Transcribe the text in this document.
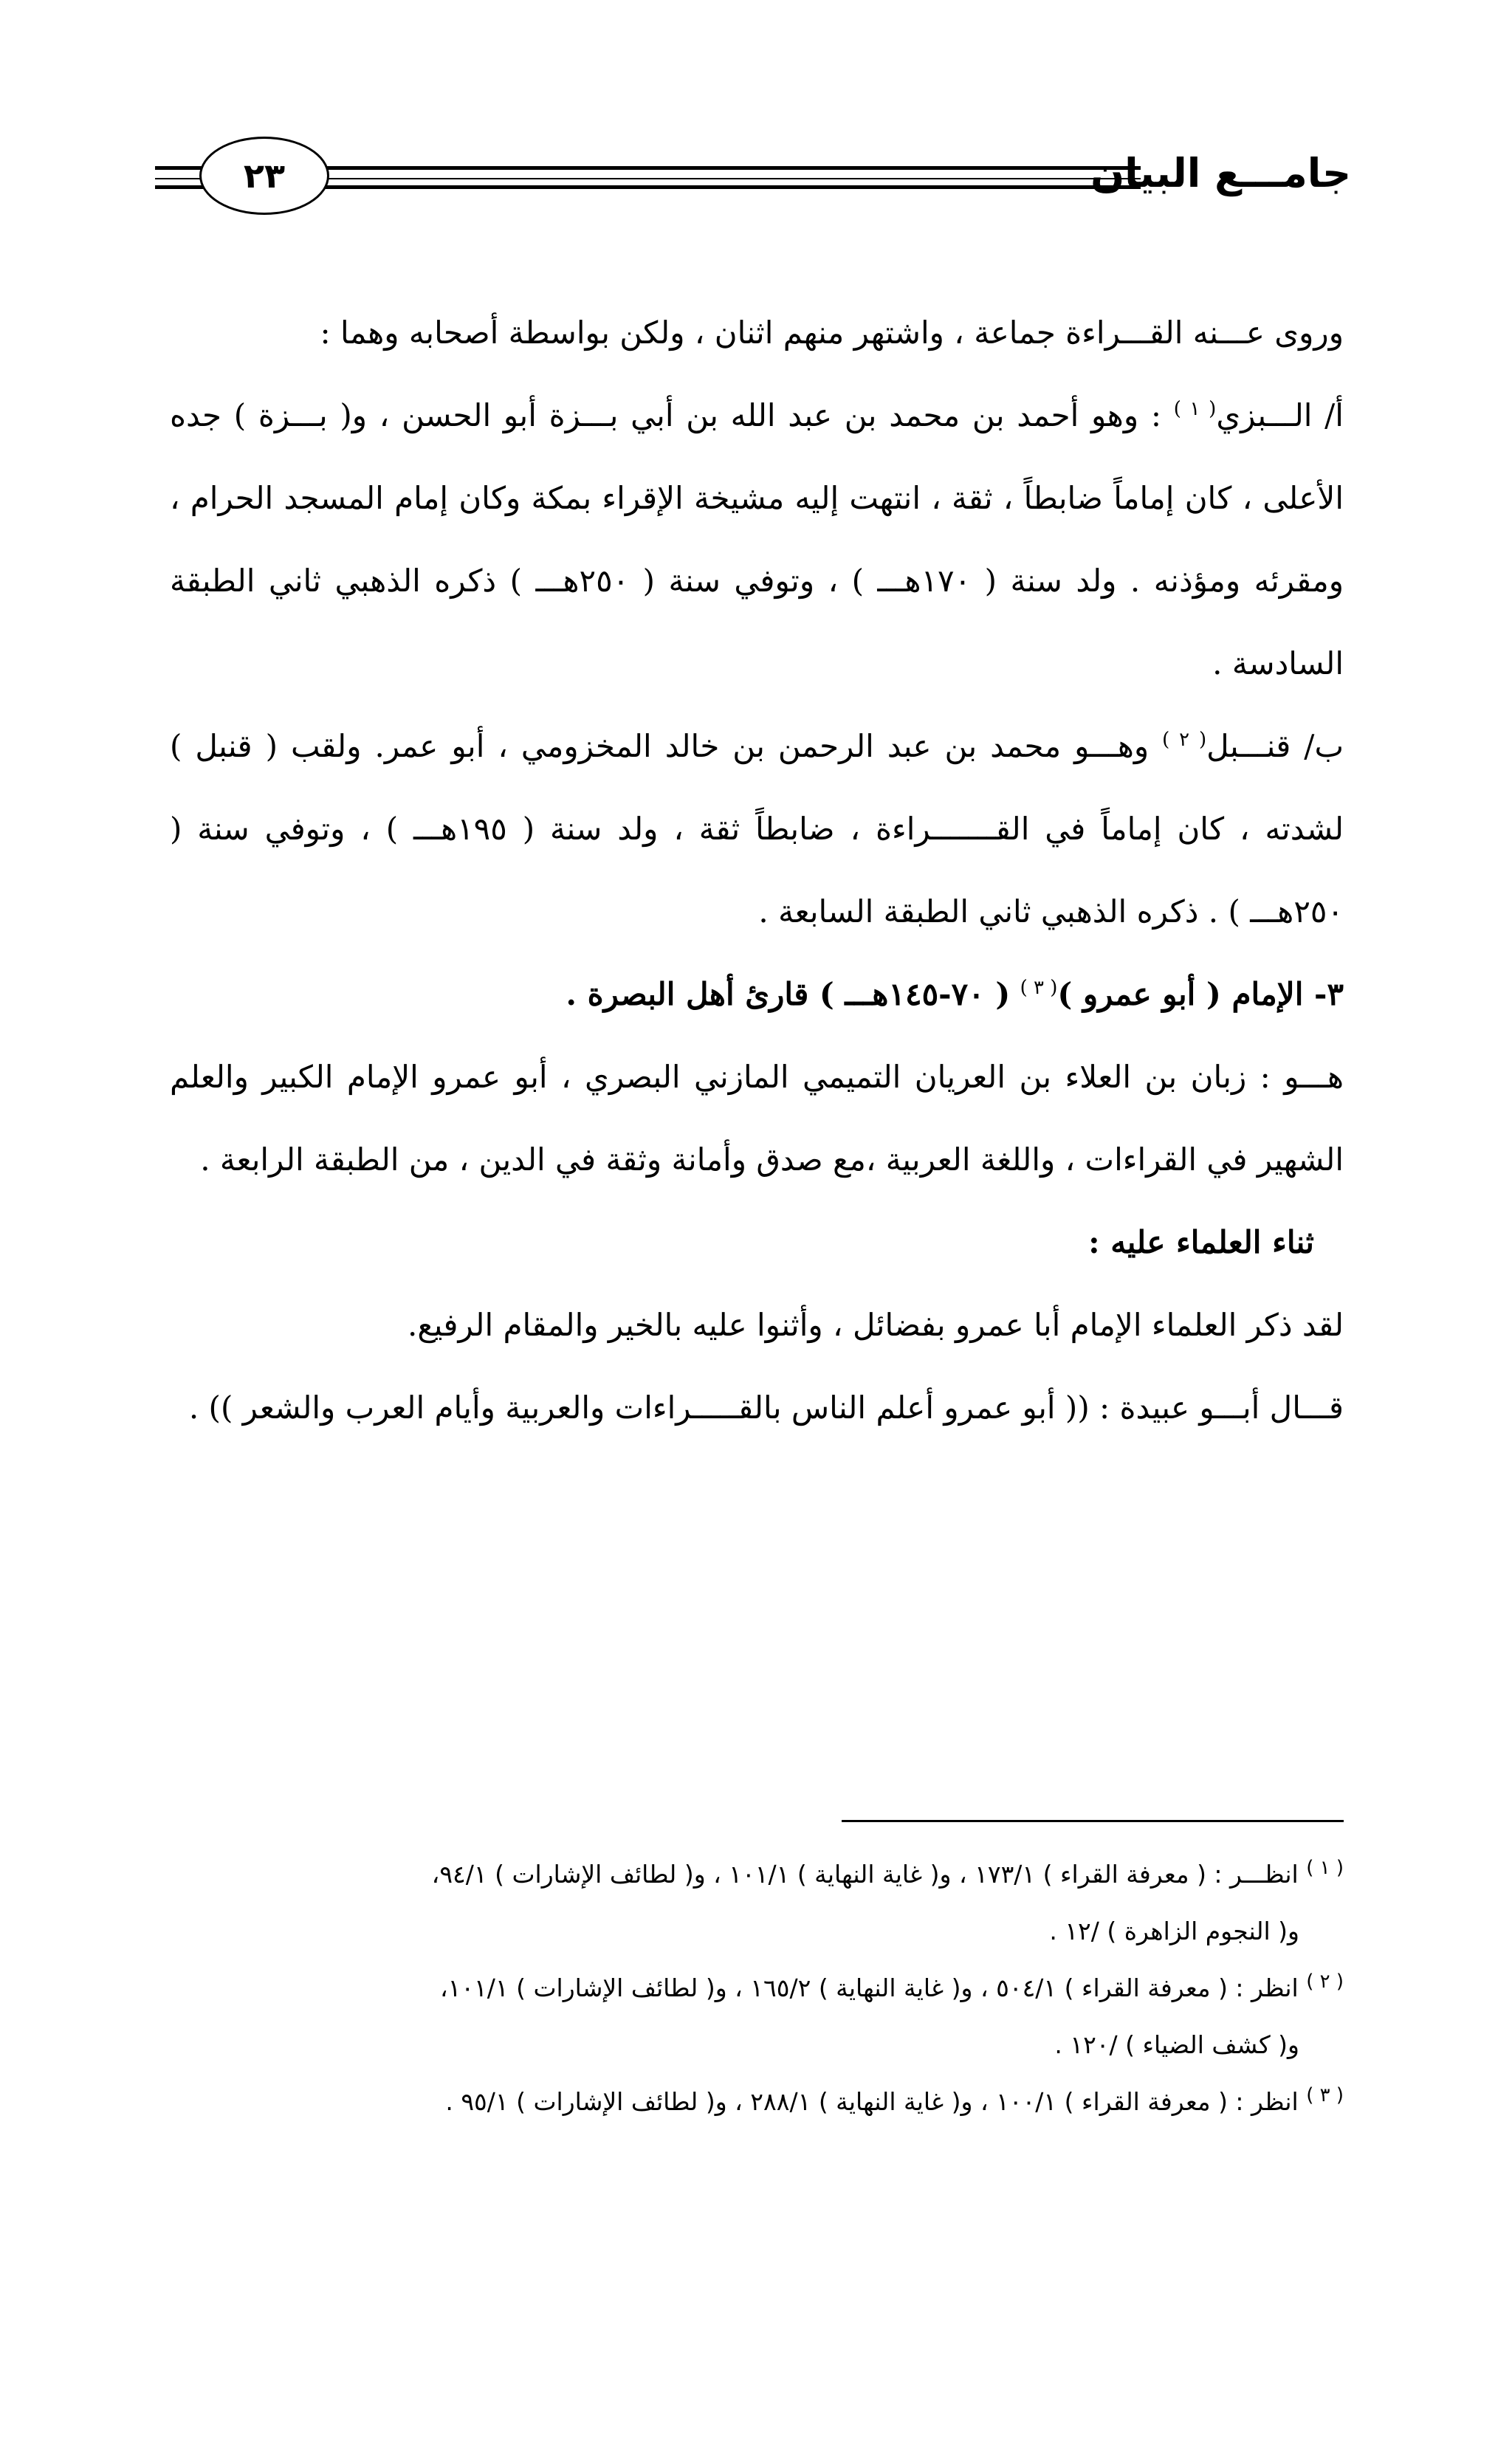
٢٣	جامـــع البيان

وروى عـــنه القـــراءة جماعة ، واشتهر منهم اثنان ، ولكن بواسطة أصحابه وهما :

أ/ الـــبزي$^{( ١ )}$ : وهو أحمد بن محمد بن عبد الله بن أبي بـــزة أبو الحسن ، و( بـــزة ) جده الأعلى ، كان إماماً ضابطاً ، ثقة ، انتهت إليه مشيخة الإقراء بمكة وكان إمام المسجد الحرام ، ومقرئه ومؤذنه . ولد سنة ( ١٧٠هـــ ) ، وتوفي سنة ( ٢٥٠هـــ ) ذكره الذهبي ثاني الطبقة السادسة .

ب/ قنـــبل$^{( ٢ )}$ وهـــو محمد بن عبد الرحمن بن خالد المخزومي ، أبو عمر. ولقب ( قنبل ) لشدته ، كان إماماً في القـــــــراءة ، ضابطاً ثقة ، ولد سنة ( ١٩٥هـــ ) ، وتوفي سنة ( ٢٥٠هـــ ) . ذكره الذهبي ثاني الطبقة السابعة .

٣- الإمام ( أبو عمرو )$^{( ٣ )}$ ( ٧٠-١٤٥هـــ ) قارئ أهل البصرة .

هـــو : زبان بن العلاء بن العريان التميمي المازني البصري ، أبو عمرو الإمام الكبير والعلم الشهير في القراءات ، واللغة العربية ،مع صدق وأمانة وثقة في الدين ، من الطبقة الرابعة .

ثناء العلماء عليه :

لقد ذكر العلماء الإمام أبا عمرو بفضائل ، وأثنوا عليه بالخير والمقام الرفيع.

قـــال أبـــو عبيدة : (( أبو عمرو أعلم الناس بالقـــــراءات والعربية وأيام العرب والشعر )) .

$^{( ١ )}$ انظـــر : ( معرفة القراء ) ١٧٣/١ ، و( غاية النهاية ) ١٠١/١ ، و( لطائف الإشارات ) ٩٤/١،
و( النجوم الزاهرة ) /١٢ .

$^{( ٢ )}$ انظر : ( معرفة القراء ) ٥٠٤/١ ، و( غاية النهاية ) ١٦٥/٢ ، و( لطائف الإشارات ) ١٠١/١،
و( كشف الضياء ) /١٢٠ .

$^{( ٣ )}$ انظر : ( معرفة القراء ) ١٠٠/١ ، و( غاية النهاية ) ٢٨٨/١ ، و( لطائف الإشارات ) ٩٥/١ .
